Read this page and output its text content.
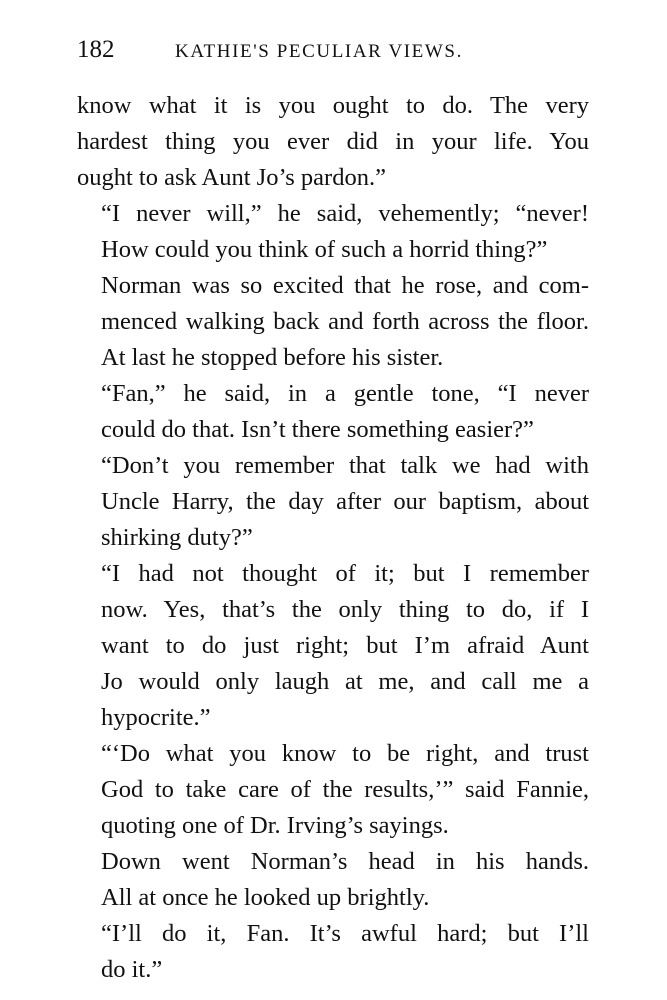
182	KATHIE'S PECULIAR VIEWS.

know what it is you ought to do. The very
hardest thing you ever did in your life. You
ought to ask Aunt Jo’s pardon.”

“I never will,” he said, vehemently; “never!
How could you think of such a horrid thing?”

Norman was so excited that he rose, and com-
menced walking back and forth across the floor.
At last he stopped before his sister.

“Fan,” he said, in a gentle tone, “I never
could do that. Isn’t there something easier?”

“Don’t you remember that talk we had with
Uncle Harry, the day after our baptism, about
shirking duty?”

“I had not thought of it; but I remember
now. Yes, that’s the only thing to do, if I
want to do just right; but I’m afraid Aunt
Jo would only laugh at me, and call me a
hypocrite.”

“‘Do what you know to be right, and trust
God to take care of the results,’” said Fannie,
quoting one of Dr. Irving’s sayings.

Down went Norman’s head in his hands.
All at once he looked up brightly.

“I’ll do it, Fan. It’s awful hard; but I’ll
do it.”
